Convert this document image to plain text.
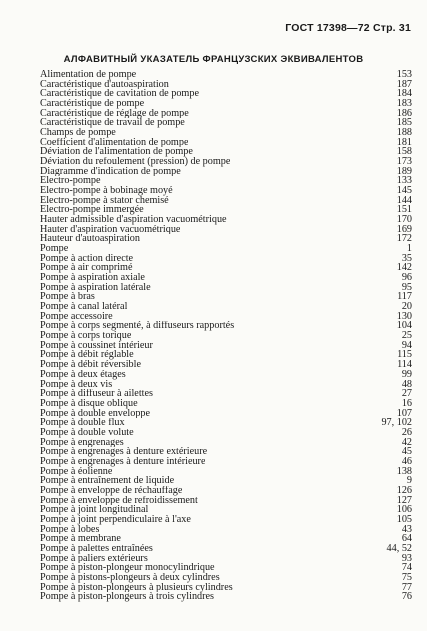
ГОСТ 17398—72 Стр. 31
АЛФАВИТНЫЙ УКАЗАТЕЛЬ ФРАНЦУЗСКИХ ЭКВИВАЛЕНТОВ
Alimentation de pompe	153
Caractéristique d'autoaspiration	187
Caractéristique de cavitation de pompe	184
Caractéristique de pompe	183
Caractéristique de réglage de pompe	186
Caractéristique de travail de pompe	185
Champs de pompe	188
Coefficient d'alimentation de pompe	181
Déviation de l'alimentation de pompe	158
Déviation du refoulement (pression) de pompe	173
Diagramme d'indication de pompe	189
Electro-pompe	133
Electro-pompe à bobinage moyé	145
Electro-pompe à stator chemisé	144
Electro-pompe immergée	151
Hauter admissible d'aspiration vacuométrique	170
Hauter d'aspiration vacuométrique	169
Hauteur d'autoaspiration	172
Pompe	1
Pompe à action directe	35
Pompe à air comprimé	142
Pompe à aspiration axiale	96
Pompe à aspiration latérale	95
Pompe à bras	117
Pompe à canal latéral	20
Pompe accessoire	130
Pompe à corps segmenté, à diffuseurs rapportés	104
Pompe à corps torique	25
Pompe à coussinet intérieur	94
Pompe à débit réglable	115
Pompe à débit réversible	114
Pompe à deux étages	99
Pompe à deux vis	48
Pompe à diffuseur à ailettes	27
Pompe à disque oblique	16
Pompe à double enveloppe	107
Pompe à double flux	97, 102
Pompe à double volute	26
Pompe à engrenages	42
Pompe à engrenages à denture extérieure	45
Pompe à engrenages à denture intérieure	46
Pompe à éolienne	138
Pompe à entraînement de liquide	9
Pompe à enveloppe de réchauffage	126
Pompe à enveloppe de refroidissement	127
Pompe à joint longitudinal	106
Pompe à joint perpendiculaire à l'axe	105
Pompe à lobes	43
Pompe à membrane	64
Pompe à palettes entraînées	44, 52
Pompe à paliers extérieurs	93
Pompe à piston-plongeur monocylindrique	74
Pompe à pistons-plongeurs à deux cylindres	75
Pompe à piston-plongeurs à plusieurs cylindres	77
Pompe à piston-plongeurs à trois cylindres	76
